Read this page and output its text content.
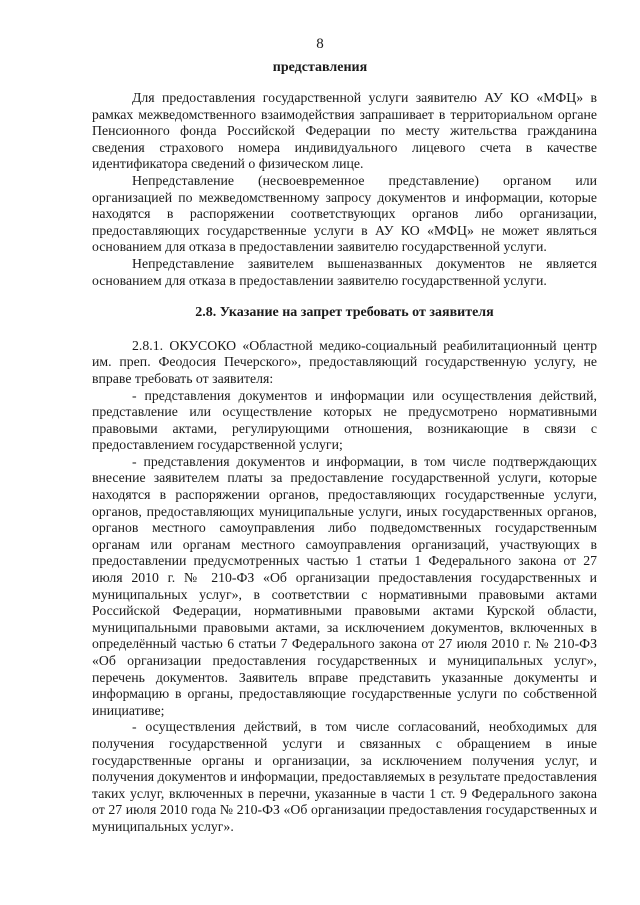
8
представления

Для предоставления государственной услуги заявителю АУ КО «МФЦ» в рамках межведомственного взаимодействия запрашивает в территориальном органе Пенсионного фонда Российской Федерации по месту жительства гражданина сведения страхового номера индивидуального лицевого счета в качестве идентификатора сведений о физическом лице.

Непредставление (несвоевременное представление) органом или организацией по межведомственному запросу документов и информации, которые находятся в распоряжении соответствующих органов либо организации, предоставляющих государственные услуги в АУ КО «МФЦ» не может являться основанием для отказа в предоставлении заявителю государственной услуги.

Непредставление заявителем вышеназванных документов не является основанием для отказа в предоставлении заявителю государственной услуги.

2.8. Указание на запрет требовать от заявителя

2.8.1. ОКУСОКО «Областной медико-социальный реабилитационный центр им. преп. Феодосия Печерского», предоставляющий государственную услугу, не вправе требовать от заявителя:

- представления документов и информации или осуществления действий, представление или осуществление которых не предусмотрено нормативными правовыми актами, регулирующими отношения, возникающие в связи с предоставлением государственной услуги;

- представления документов и информации, в том числе подтверждающих внесение заявителем платы за предоставление государственной услуги, которые находятся в распоряжении органов, предоставляющих государственные услуги, органов, предоставляющих муниципальные услуги, иных государственных органов, органов местного самоуправления либо подведомственных государственным органам или органам местного самоуправления организаций, участвующих в предоставлении предусмотренных частью 1 статьи 1 Федерального закона от 27 июля 2010 г. № 210-ФЗ «Об организации предоставления государственных и муниципальных услуг», в соответствии с нормативными правовыми актами Российской Федерации, нормативными правовыми актами Курской области, муниципальными правовыми актами, за исключением документов, включенных в определённый частью 6 статьи 7 Федерального закона от 27 июля 2010 г. № 210-ФЗ «Об организации предоставления государственных и муниципальных услуг», перечень документов. Заявитель вправе представить указанные документы и информацию в органы, предоставляющие государственные услуги по собственной инициативе;

- осуществления действий, в том числе согласований, необходимых для получения государственной услуги и связанных с обращением в иные государственные органы и организации, за исключением получения услуг, и получения документов и информации, предоставляемых в результате предоставления таких услуг, включенных в перечни, указанные в части 1 ст. 9 Федерального закона от 27 июля 2010 года № 210-ФЗ «Об организации предоставления государственных и муниципальных услуг».
